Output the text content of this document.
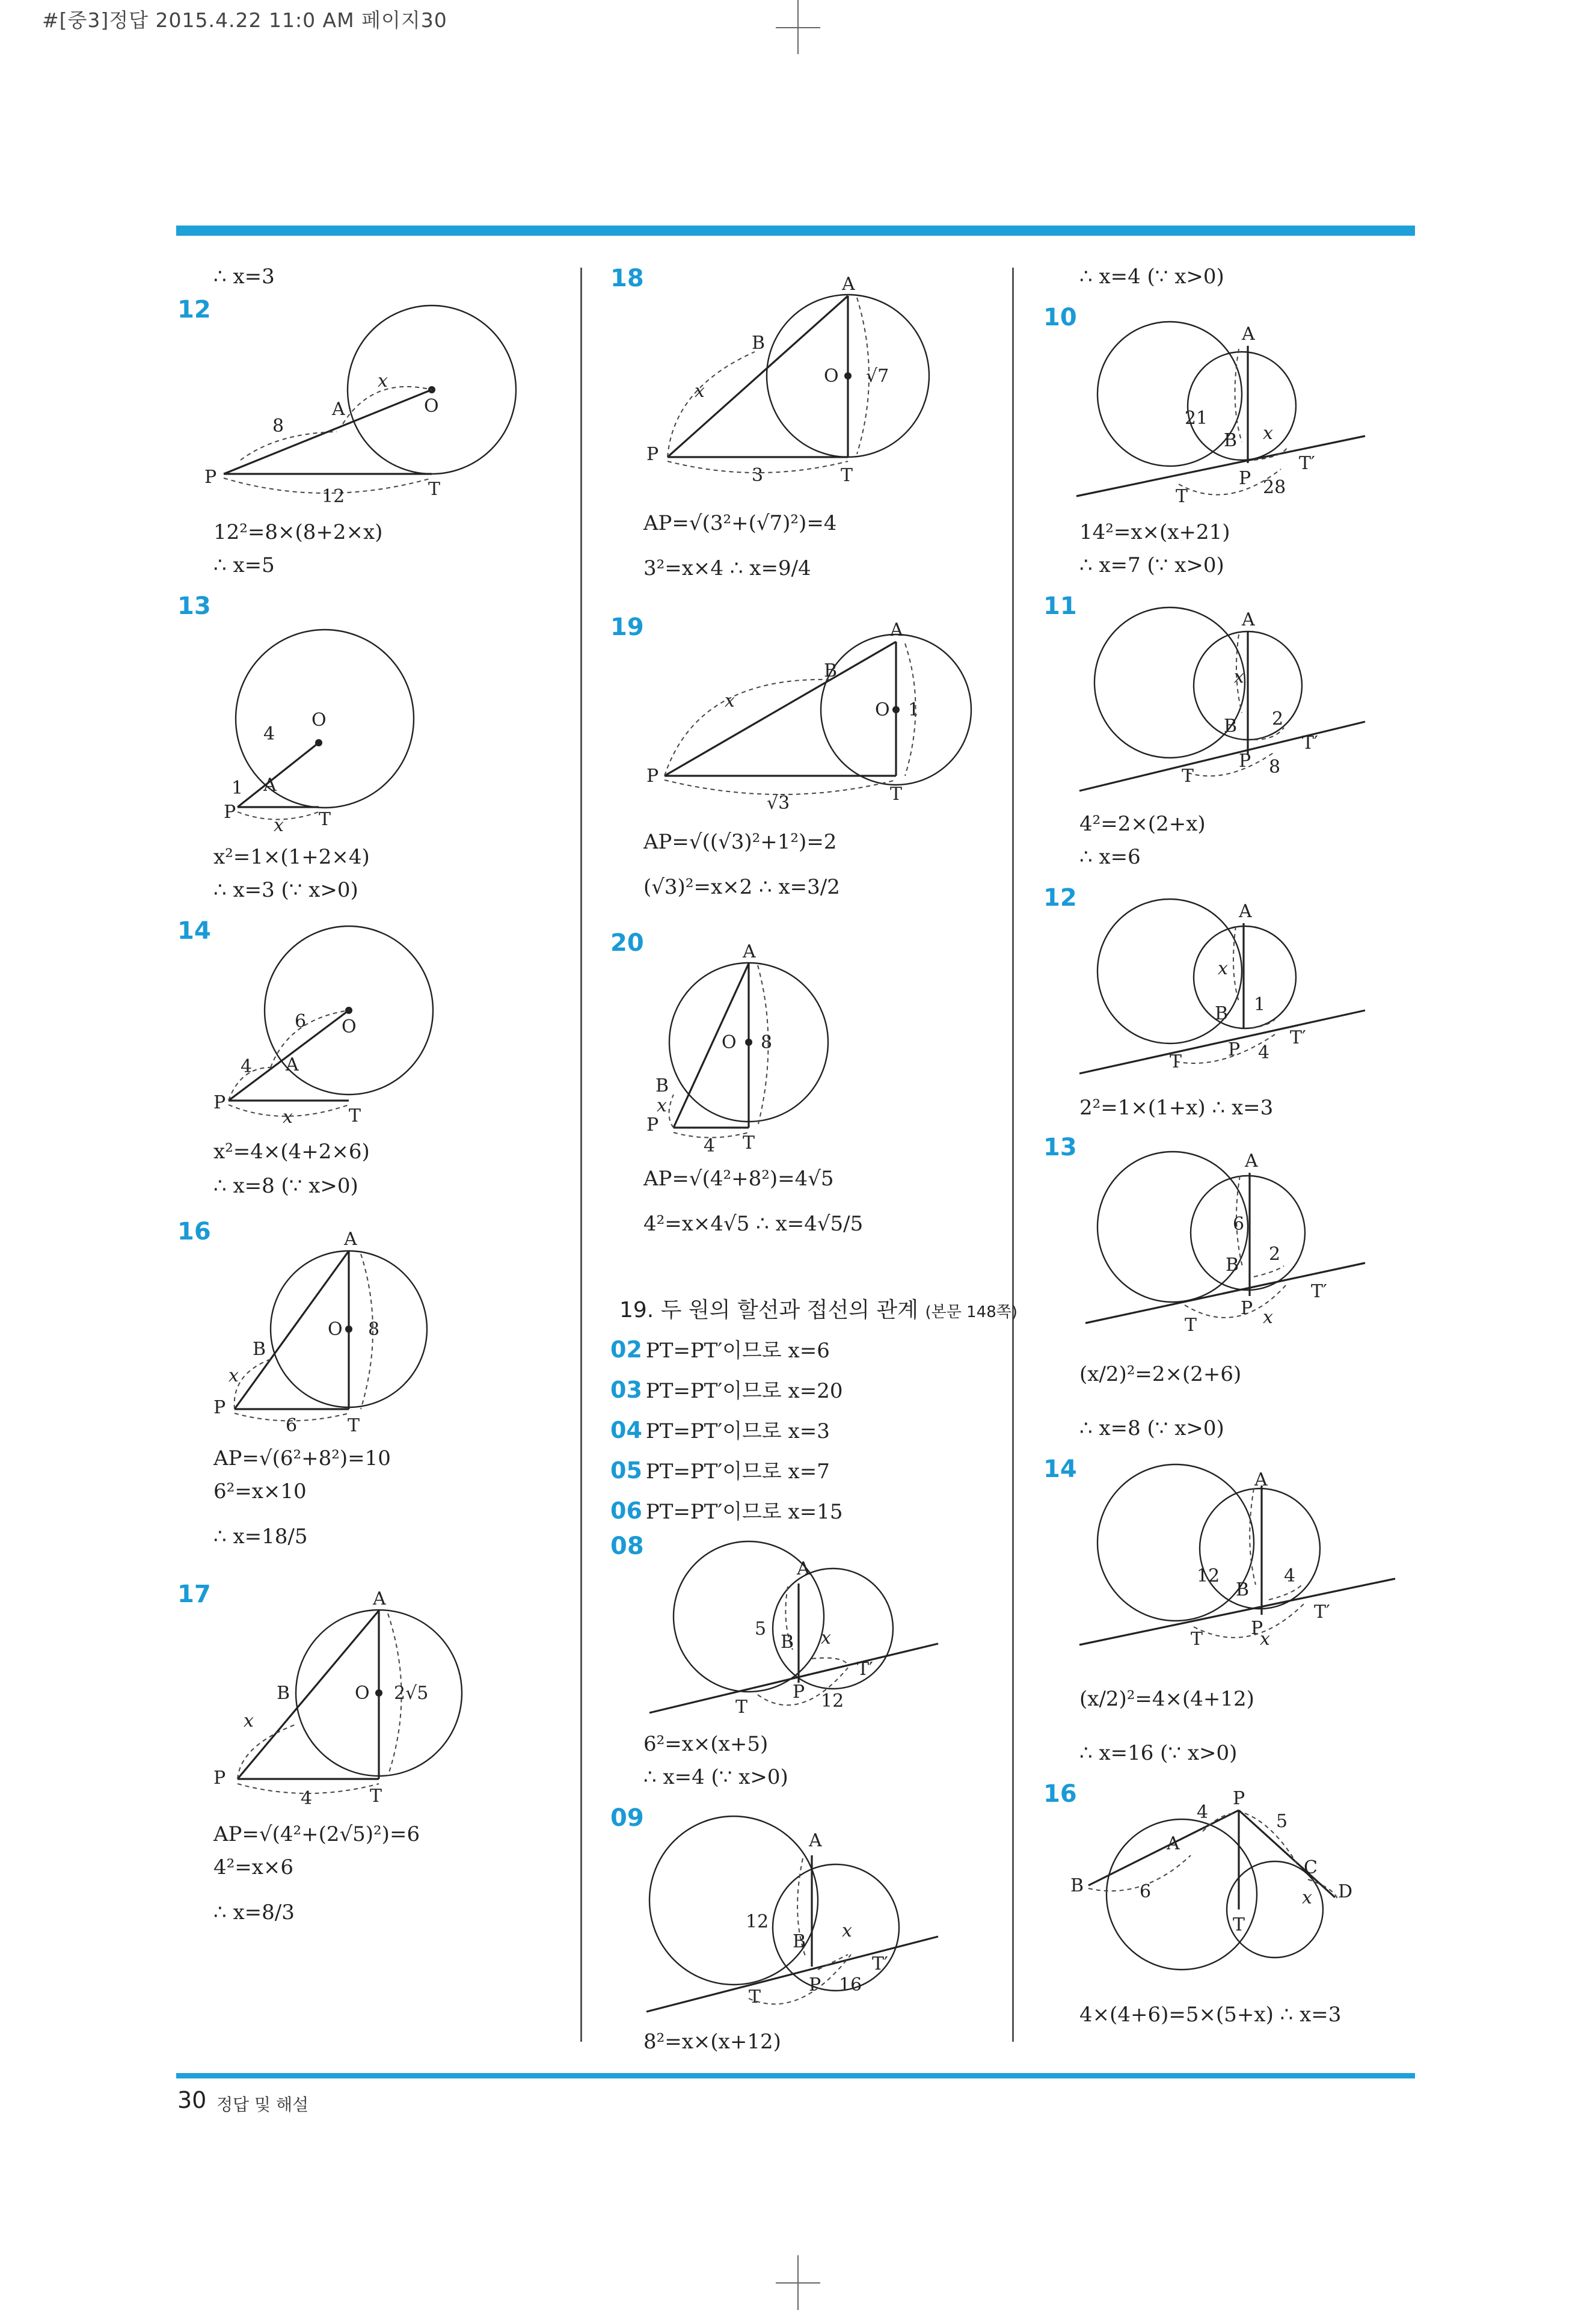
#[중3]정답 2015.4.22 11:0 AM 페이지30
∴ x=3
12
P
A	O
T
8
x
12
12²=8×(8+2×x)
∴ x=5
13
P
A
O
T
4
1
x
x²=1×(1+2×4)
∴ x=3 (∵ x>0)
14
P
A
O
T
6
4
x
x²=4×(4+2×6)
∴ x=8 (∵ x>0)
16	A
B
O 8
P
T
6
x
AP=√(6²+8²)=10
6²=x×10
∴ x=18/5
17	A
B	O 2√5
P
T
4
x
AP=√(4²+(2√5)²)=6
4²=x×6
∴ x=8/3
18	A
B
O √7
P
T
3
x
AP=√(3²+(√7)²)=4
3²=x×4 ∴ x=9/4
19	A
B
O 1
P
T
√3
x
AP=√((√3)²+1²)=2
(√3)²=x×2 ∴ x=3/2
20	A
B
O 8
P
T
4
x
AP=√(4²+8²)=4√5
4²=x×4√5 ∴ x=4√5/5
19. 두 원의 할선과 접선의 관계 (본문 148쪽)
02 PT=PT′이므로 x=6
03 PT=PT′이므로 x=20
04 PT=PT′이므로 x=3
05 PT=PT′이므로 x=7
06 PT=PT′이므로 x=15
08
A
B
P
T
T′
5	x
12
6²=x×(x+5)
∴ x=4 (∵ x>0)
09
A
B
P
T
T′
12	x
16
8²=x×(x+12)
∴ x=4 (∵ x>0)
10
A
B
P
T
T′
21
x
28
14²=x×(x+21)
∴ x=7 (∵ x>0)
11	A
B
P
T
T′
x
2
8
4²=2×(2+x)
∴ x=6
12	A
B
P
T
T′
x
1
4
2²=1×(1+x) ∴ x=3
13	A
B
P
T
T′
6
2
x
(x/2)²=2×(2+6)
∴ x=8 (∵ x>0)
14	A
B
P
T
T′
12	4
x
(x/2)²=4×(4+12)
∴ x=16 (∵ x>0)
16	P
A
B
C
D
T
4	5
6	x
4×(4+6)=5×(5+x) ∴ x=3
30 정답 및 해설
